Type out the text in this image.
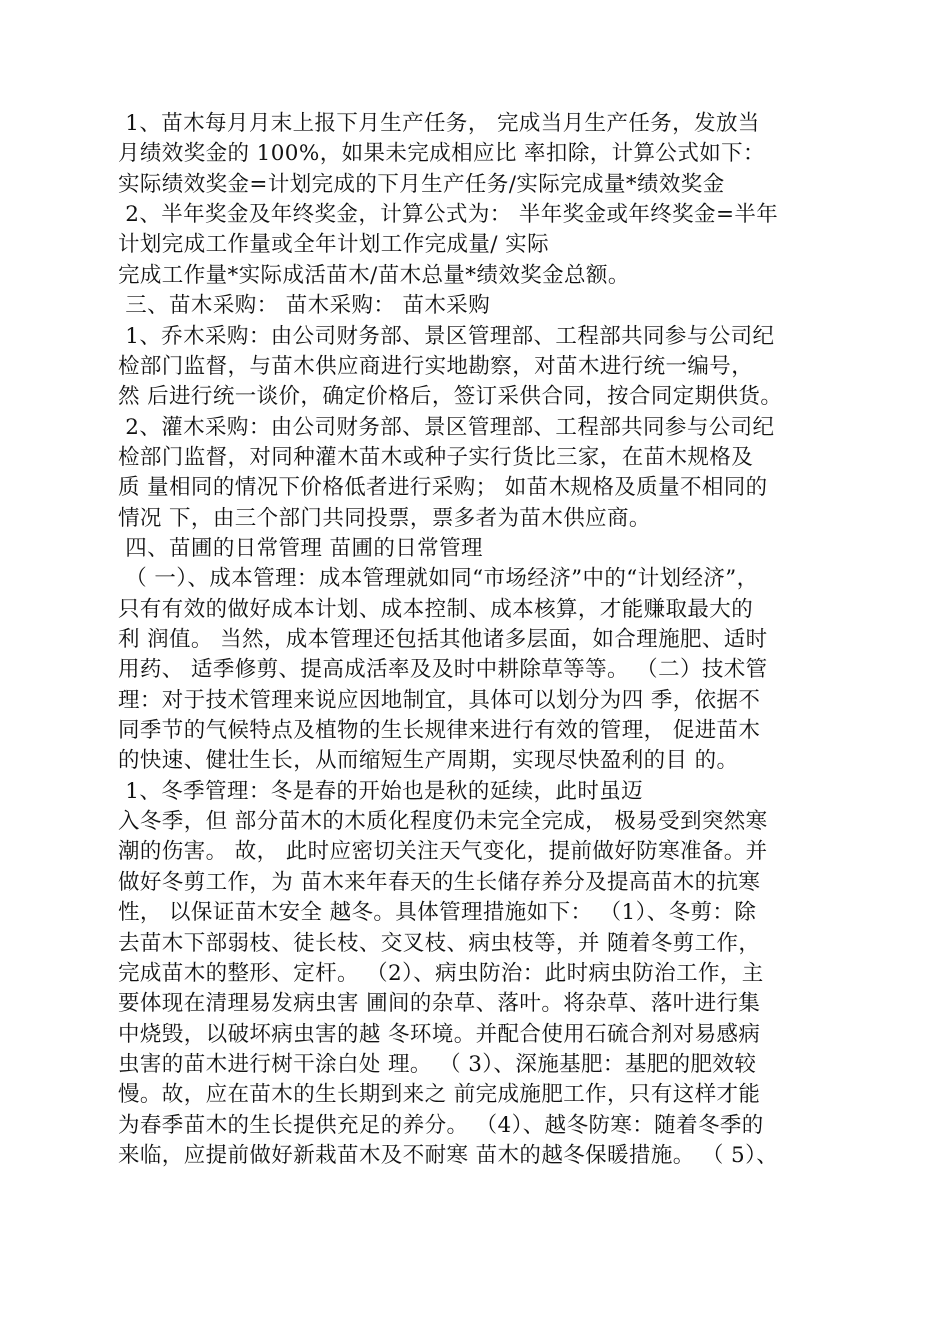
1、苗木每月月末上报下月生产任务， 完成当月生产任务，发放当
月绩效奖金的 100%，如果未完成相应比 率扣除，计算公式如下：
实际绩效奖金=计划完成的下月生产任务/实际完成量*绩效奖金
2、半年奖金及年终奖金，计算公式为： 半年奖金或年终奖金=半年
计划完成工作量或全年计划工作完成量/ 实际
完成工作量*实际成活苗木/苗木总量*绩效奖金总额。
三、苗木采购： 苗木采购： 苗木采购
1、乔木采购：由公司财务部、景区管理部、工程部共同参与公司纪
检部门监督，与苗木供应商进行实地勘察，对苗木进行统一编号，
然 后进行统一谈价，确定价格后，签订采供合同，按合同定期供货。
2、灌木采购：由公司财务部、景区管理部、工程部共同参与公司纪
检部门监督，对同种灌木苗木或种子实行货比三家，在苗木规格及
质 量相同的情况下价格低者进行采购； 如苗木规格及质量不相同的
情况 下，由三个部门共同投票，票多者为苗木供应商。
四、苗圃的日常管理 苗圃的日常管理
（ 一）、成本管理：成本管理就如同“市场经济”中的“计划经济”，
只有有效的做好成本计划、成本控制、成本核算，才能赚取最大的
利 润值。 当然，成本管理还包括其他诸多层面，如合理施肥、适时
用药、 适季修剪、提高成活率及及时中耕除草等等。 （二）技术管
理：对于技术管理来说应因地制宜，具体可以划分为四 季，依据不
同季节的气候特点及植物的生长规律来进行有效的管理， 促进苗木
的快速、健壮生长，从而缩短生产周期，实现尽快盈利的目 的。
1、冬季管理：冬是春的开始也是秋的延续，此时虽迈
入冬季，但 部分苗木的木质化程度仍未完全完成， 极易受到突然寒
潮的伤害。 故， 此时应密切关注天气变化，提前做好防寒准备。并
做好冬剪工作，为 苗木来年春天的生长储存养分及提高苗木的抗寒
性， 以保证苗木安全 越冬。具体管理措施如下： （1）、冬剪：除
去苗木下部弱枝、徒长枝、交叉枝、病虫枝等，并 随着冬剪工作，
完成苗木的整形、定杆。 （2）、病虫防治：此时病虫防治工作，主
要体现在清理易发病虫害 圃间的杂草、落叶。将杂草、落叶进行集
中烧毁，以破坏病虫害的越 冬环境。并配合使用石硫合剂对易感病
虫害的苗木进行树干涂白处 理。 （ 3）、深施基肥：基肥的肥效较
慢。故，应在苗木的生长期到来之 前完成施肥工作，只有这样才能
为春季苗木的生长提供充足的养分。 （4）、越冬防寒：随着冬季的
来临，应提前做好新栽苗木及不耐寒 苗木的越冬保暖措施。 （ 5）、
